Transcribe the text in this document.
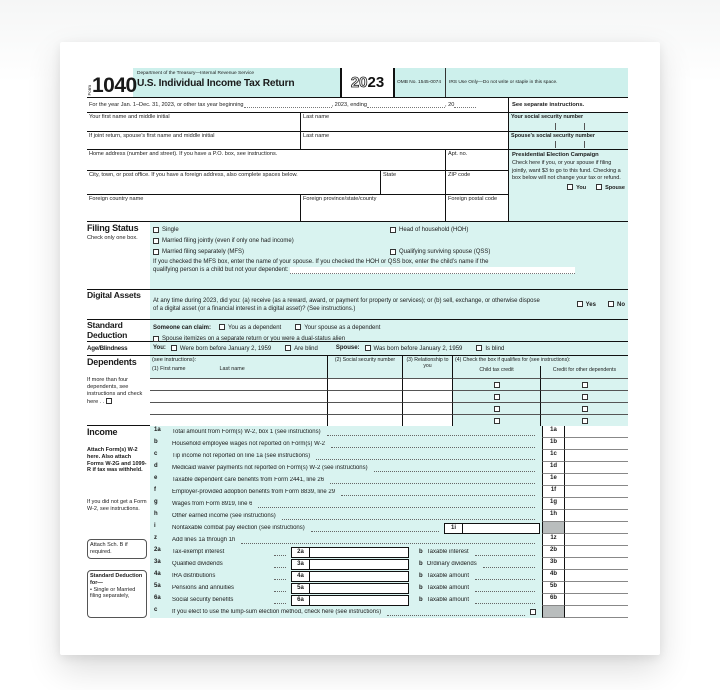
Form 1040
Department of the Treasury—Internal Revenue Service
U.S. Individual Income Tax Return	20 23	OMB No. 1545-0074	IRS Use Only—Do not write or staple in this space.
For the year Jan. 1–Dec. 31, 2023, or other tax year beginning	, 2023, ending	, 20	See separate instructions.
Your first name and middle initial	Last name
If joint return, spouse’s first name and middle initial	Last name
Home address (number and street). If you have a P.O. box, see instructions.	Apt. no.
City, town, or post office. If you have a foreign address, also complete spaces below.	State	ZIP code
Foreign country name	Foreign province/state/county	Foreign postal code
Your social security number
Spouse’s social security number
Presidential Election Campaign
Check here if you, or your spouse if filing jointly, want $3 to go to this fund. Checking a box below will not change your tax or refund.
You	Spouse
Filing Status
Check only one box.
Single
Married filing jointly (even if only one had income)
Married filing separately (MFS)
Head of household (HOH)
Qualifying surviving spouse (QSS)
If you checked the MFS box, enter the name of your spouse. If you checked the HOH or QSS box, enter the child’s name if the
qualifying person is a child but not your dependent:
Digital Assets
At any time during 2023, did you: (a) receive (as a reward, award, or payment for property or services); or (b) sell, exchange, or otherwise dispose of a digital asset (or a financial interest in a digital asset)? (See instructions.)
Yes	No
Standard Deduction
Someone can claim:	You as a dependent	Your spouse as a dependent
Spouse itemizes on a separate return or you were a dual-status alien
Age/Blindness	You:	Were born before January 2, 1959	Are blind	Spouse:	Was born before January 2, 1959	Is blind
Dependents
If more than four dependents, see instructions and check here . .
(see instructions):
(1) First name	Last name
(2) Social security number	(3) Relationship to you
(4) Check the box if qualifies for (see instructions):
Child tax credit	Credit for other dependents
Income
Attach Form(s) W-2 here. Also attach Forms W-2G and 1099-R if tax was withheld.
If you did not get a Form W-2, see instructions.
Attach Sch. B if required.
Standard Deduction for—
• Single or Married filing separately,
1a	Total amount from Form(s) W-2, box 1 (see instructions)	1a
b	Household employee wages not reported on Form(s) W-2	1b
c	Tip income not reported on line 1a (see instructions)	1c
d	Medicaid waiver payments not reported on Form(s) W-2 (see instructions)	1d
e	Taxable dependent care benefits from Form 2441, line 26	1e
f	Employer-provided adoption benefits from Form 8839, line 29	1f
g	Wages from Form 8919, line 6	1g
h	Other earned income (see instructions)	1h
i	Nontaxable combat pay election (see instructions)	1i
z	Add lines 1a through 1h	1z
2a	Tax-exempt interest	2a	b Taxable interest	2b
3a	Qualified dividends	3a	b Ordinary dividends	3b
4a	IRA distributions	4a	b Taxable amount	4b
5a	Pensions and annuities	5a	b Taxable amount	5b
6a	Social security benefits	6a	b Taxable amount	6b
c	If you elect to use the lump-sum election method, check here (see instructions)
